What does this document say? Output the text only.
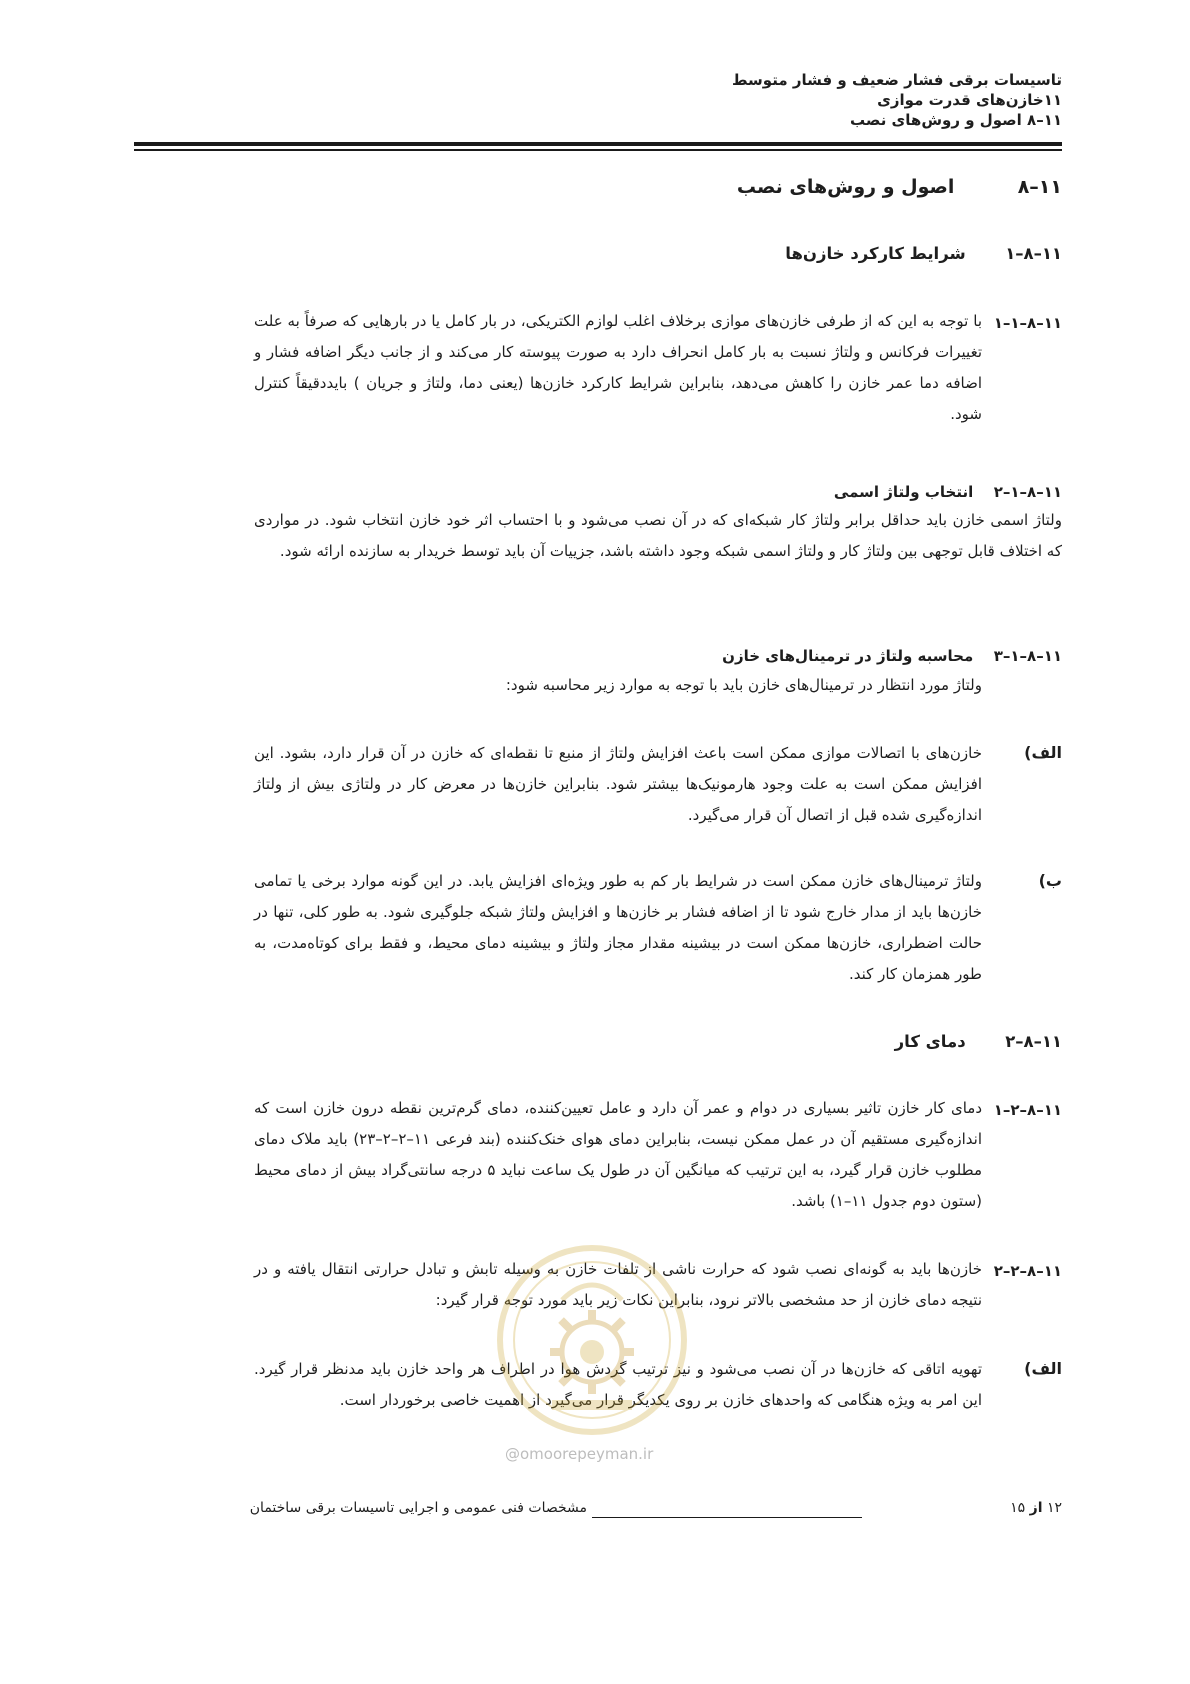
تاسیسات برقی فشار ضعیف و فشار متوسط
۱۱خازن‌های قدرت موازی
۱۱–۸ اصول و روش‌های نصب
۱۱–۸  اصول و روش‌های نصب
۱۱–۸–۱  شرایط کارکرد خازن‌ها
۱۱–۸–۱–۱
با توجه به این که از طرفی خازن‌های موازی برخلاف اغلب لوازم الکتریکی، در بار کامل یا در بارهایی که صرفاً به علت تغییرات فرکانس و ولتاژ نسبت به بار کامل انحراف دارد به صورت پیوسته کار می‌کند و از جانب دیگر اضافه فشار و اضافه دما عمر خازن را کاهش می‌دهد، بنابراین شرایط کارکرد خازن‌ها (یعنی دما، ولتاژ و جریان ) بایددقیقاً کنترل شود.
۱۱–۸–۱–۲  انتخاب ولتاژ اسمی
ولتاژ اسمی خازن باید حداقل برابر ولتاژ کار شبکه‌ای که در آن نصب می‌شود و با احتساب اثر خود خازن انتخاب شود. در مواردی که اختلاف قابل توجهی بین ولتاژ کار و ولتاژ اسمی شبکه وجود داشته باشد، جزییات آن باید توسط خریدار به سازنده ارائه شود.
۱۱–۸–۱–۳  محاسبه ولتاژ در ترمینال‌های خازن
ولتاژ مورد انتظار در ترمینال‌های خازن باید با توجه به موارد زیر محاسبه شود:
الف)
خازن‌های با اتصالات موازی ممکن است باعث افزایش ولتاژ از منبع تا نقطه‌ای که خازن در آن قرار دارد، بشود. این افزایش ممکن است به علت وجود هارمونیک‌ها بیشتر شود. بنابراین خازن‌ها در معرض کار در ولتاژی بیش از ولتاژ اندازه‌گیری شده قبل از اتصال آن قرار می‌گیرد.
ب)
ولتاژ ترمینال‌های خازن ممکن است در شرایط بار کم به طور ویژه‌ای افزایش یابد. در این گونه موارد برخی یا تمامی خازن‌ها باید از مدار خارج شود تا از اضافه فشار بر خازن‌ها و افزایش ولتاژ شبکه جلوگیری شود. به طور کلی، تنها در حالت اضطراری، خازن‌ها ممکن است در بیشینه مقدار مجاز ولتاژ و بیشینه دمای محیط، و فقط برای کوتاه‌مدت، به طور همزمان کار کند.
۱۱–۸–۲  دمای کار
۱۱–۸–۲–۱
دمای کار خازن تاثیر بسیاری در دوام و عمر آن دارد و عامل تعیین‌کننده، دمای گرم‌ترین نقطه درون خازن است که اندازه‌گیری مستقیم آن در عمل ممکن نیست، بنابراین دمای هوای خنک‌کننده (بند فرعی ۱۱–۲–۲–۲۳) باید ملاک دمای مطلوب خازن قرار گیرد، به این ترتیب که میانگین آن در طول یک ساعت نباید ۵ درجه سانتی‌گراد بیش از دمای محیط (ستون دوم جدول ۱۱–۱) باشد.
۱۱–۸–۲–۲
خازن‌ها باید به گونه‌ای نصب شود که حرارت ناشی از تلفات خازن به وسیله تابش و تبادل حرارتی انتقال یافته و در نتیجه دمای خازن از حد مشخصی بالاتر نرود، بنابراین نکات زیر باید مورد توجه قرار گیرد:
الف)
تهویه اتاقی که خازن‌ها در آن نصب می‌شود و نیز ترتیب گردش هوا در اطراف هر واحد خازن باید مدنظر قرار گیرد. این امر به ویژه هنگامی که واحدهای خازن بر روی یکدیگر قرار می‌گیرد از اهمیت خاصی برخوردار است.
@omoorepeyman.ir
۱۲ از ۱۵
مشخصات فنی عمومی و اجرایی تاسیسات برقی ساختمان
